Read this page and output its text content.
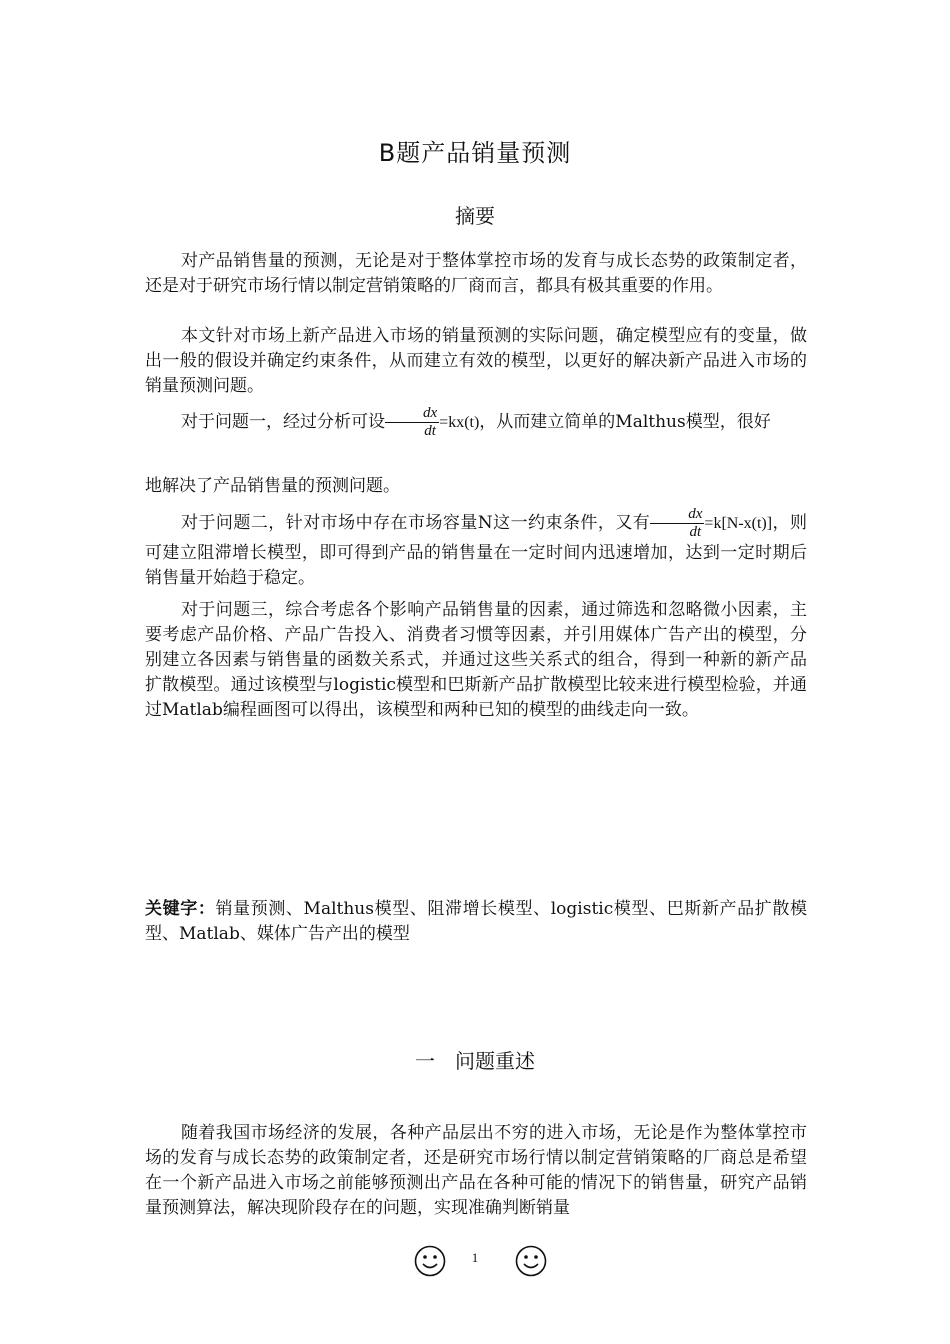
B题产品销量预测
摘要

对产品销售量的预测，无论是对于整体掌控市场的发育与成长态势的政策制定者，还是对于研究市场行情以制定营销策略的厂商而言，都具有极其重要的作用。

本文针对市场上新产品进入市场的销量预测的实际问题，确定模型应有的变量，做出一般的假设并确定约束条件，从而建立有效的模型，以更好的解决新产品进入市场的销量预测问题。

对于问题一，经过分析可设 $\frac{dx}{dt} =kx(t)$，从而建立简单的Malthus模型，很好

地解决了产品销售量的预测问题。

对于问题二，针对市场中存在市场容量N这一约束条件，又有 $\frac{dx}{dt} =k[N-x(t)]$，则可建立阻滞增长模型，即可得到产品的销售量在一定时间内迅速增加，达到一定时期后销售量开始趋于稳定。

对于问题三，综合考虑各个影响产品销售量的因素，通过筛选和忽略微小因素，主要考虑产品价格、产品广告投入、消费者习惯等因素，并引用媒体广告产出的模型，分别建立各因素与销售量的函数关系式，并通过这些关系式的组合，得到一种新的新产品扩散模型。通过该模型与logistic模型和巴斯新产品扩散模型比较来进行模型检验，并通过Matlab编程画图可以得出，该模型和两种已知的模型的曲线走向一致。

关键字：销量预测、Malthus模型、阻滞增长模型、logistic模型、巴斯新产品扩散模型、Matlab、媒体广告产出的模型

一　问题重述

随着我国市场经济的发展，各种产品层出不穷的进入市场，无论是作为整体掌控市场的发育与成长态势的政策制定者，还是研究市场行情以制定营销策略的厂商总是希望在一个新产品进入市场之前能够预测出产品在各种可能的情况下的销售量，研究产品销量预测算法，解决现阶段存在的问题，实现准确判断销量

1
